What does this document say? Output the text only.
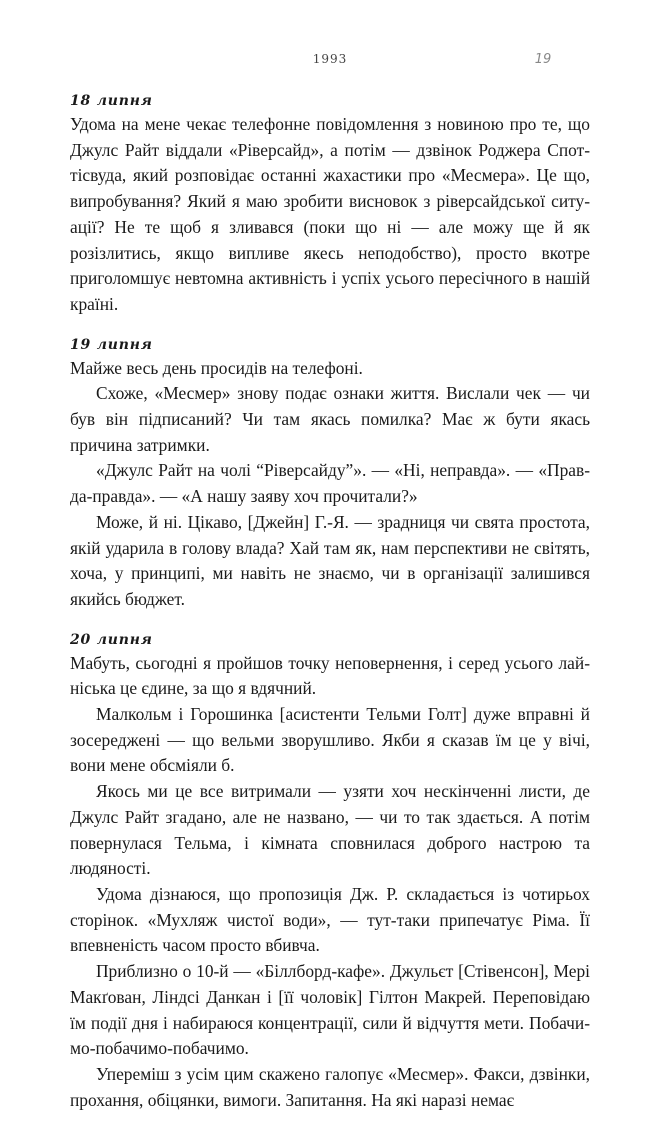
1993	19
18 липня

Удома на мене чекає телефонне повідомлення з новиною про те, що Джулс Райт віддали «Ріверсайд», а потім — дзвінок Роджера Споттісвуда, який розповідає останні жахастики про «Месмера». Це що, випробування? Який я маю зробити висновок з ріверсайдської ситуації? Не те щоб я зливався (поки що ні — але можу ще й як розізлитись, якщо випливе якесь неподобство), просто вкотре приголомшує невтомна активність і успіх усього пересічного в нашій країні.

19 липня

Майже весь день просидів на телефоні.

Схоже, «Месмер» знову подає ознаки життя. Вислали чек — чи був він підписаний? Чи там якась помилка? Має ж бути якась причина затримки.

«Джулс Райт на чолі “Ріверсайду”». — «Ні, неправда». — «Правда-правда». — «А нашу заяву хоч прочитали?»

Може, й ні. Цікаво, [Джейн] Г.-Я. — зрадниця чи свята простота, якій ударила в голову влада? Хай там як, нам перспективи не світять, хоча, у принципі, ми навіть не знаємо, чи в організації залишився якийсь бюджет.

20 липня

Мабуть, сьогодні я пройшов точку неповернення, і серед усього лайнiська це єдине, за що я вдячний.

Малкольм і Горошинка [асистенти Тельми Голт] дуже вправні й зосереджені — що вельми зворушливо. Якби я сказав їм це у вічі, вони мене обсміяли б.

Якось ми це все витримали — узяти хоч нескінченні листи, де Джулс Райт згадано, але не названо, — чи то так здається. А потім повернулася Тельма, і кімната сповнилася доброго настрою та людяності.

Удома дізнаюся, що пропозиція Дж. Р. складається із чотирьох сторінок. «Мухляж чистої води», — тут-таки припечатує Ріма. Її впевненість часом просто вбивча.

Приблизно о 10-й — «Біллборд-кафе». Джульєт [Стівенсон], Мері Макґован, Ліндсі Данкан і [її чоловік] Гілтон Макрей. Переповідаю їм події дня і набираюся концентрації, сили й відчуття мети. Побачимо-побачимо-побачимо.

Упереміш з усім цим скажено галопує «Месмер». Факси, дзвінки, прохання, обіцянки, вимоги. Запитання. На які наразі немає
